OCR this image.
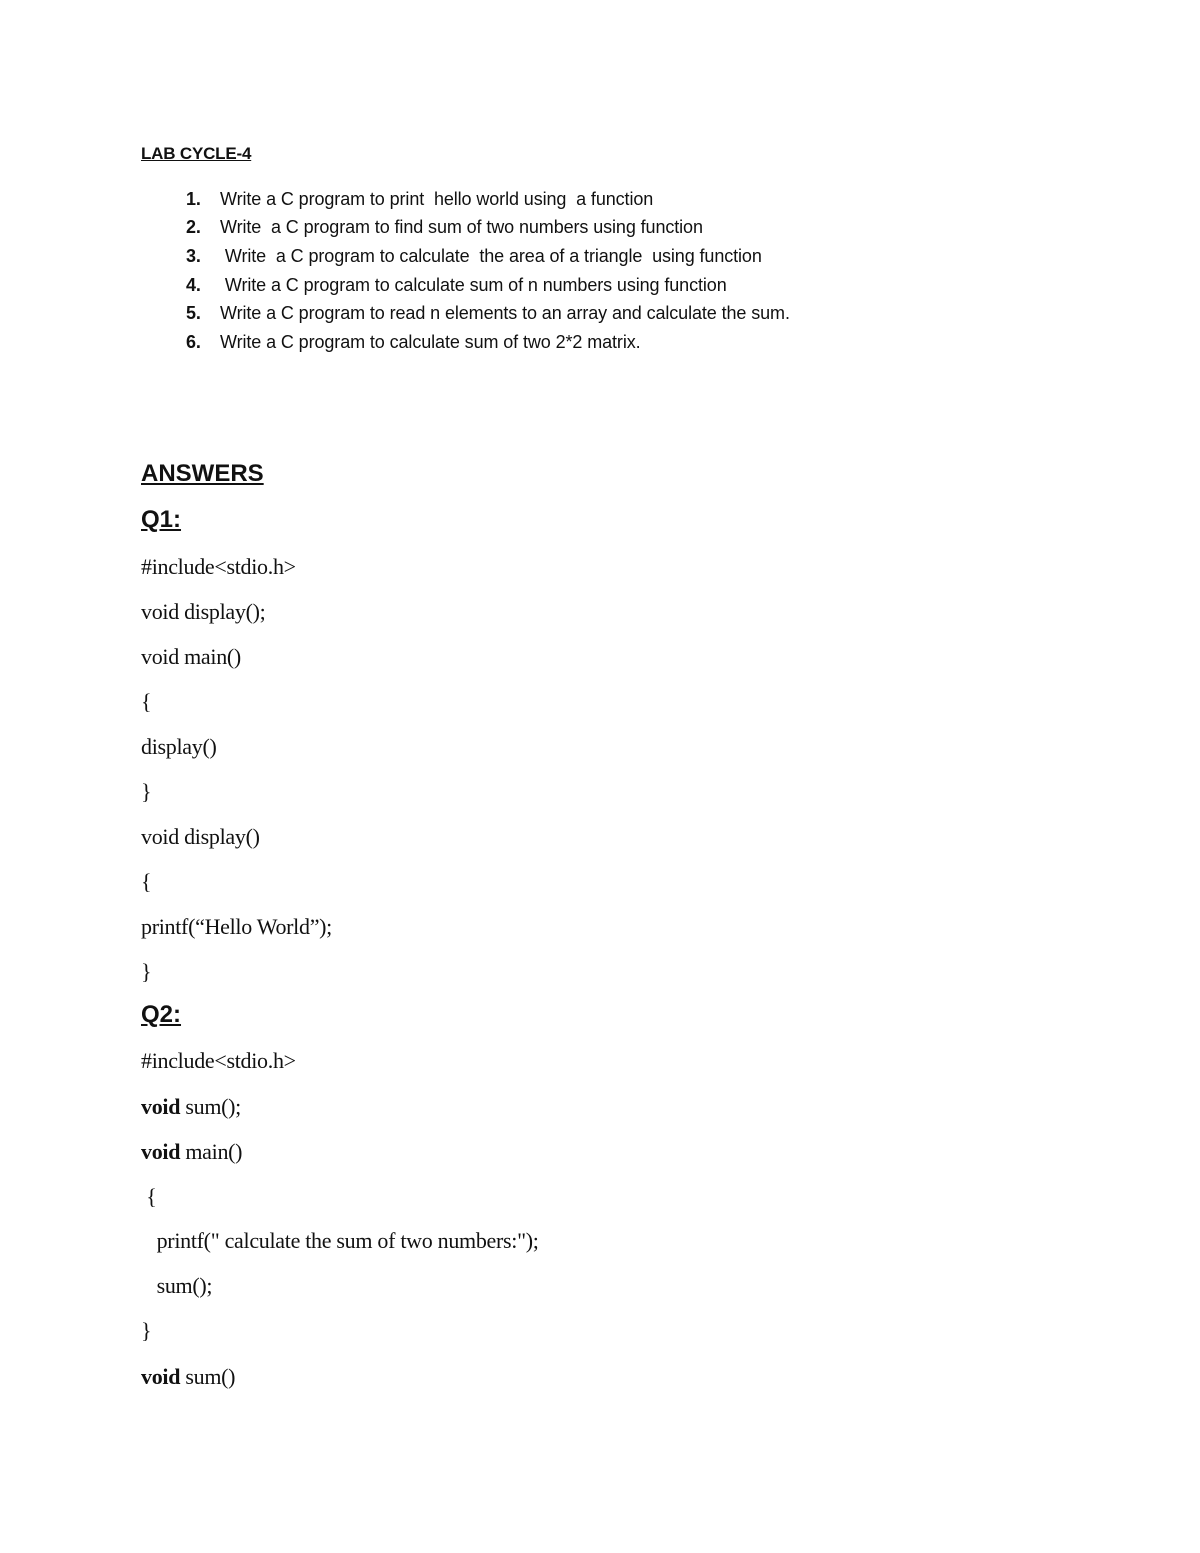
LAB CYCLE-4
1. Write a C program to print  hello world using  a function
2. Write  a C program to find sum of two numbers using function
3. Write  a C program to calculate  the area of a triangle  using function
4. Write a C program to calculate sum of n numbers using function
5. Write a C program to read n elements to an array and calculate the sum.
6. Write a C program to calculate sum of two 2*2 matrix.
ANSWERS
Q1:
#include<stdio.h>
void display();
void main()
{
display()
}
void display()
{
printf(“Hello World”);
}
Q2:
#include<stdio.h>
void sum();
void main()
{
printf(" calculate the sum of two numbers:");
sum();
}
void sum()
